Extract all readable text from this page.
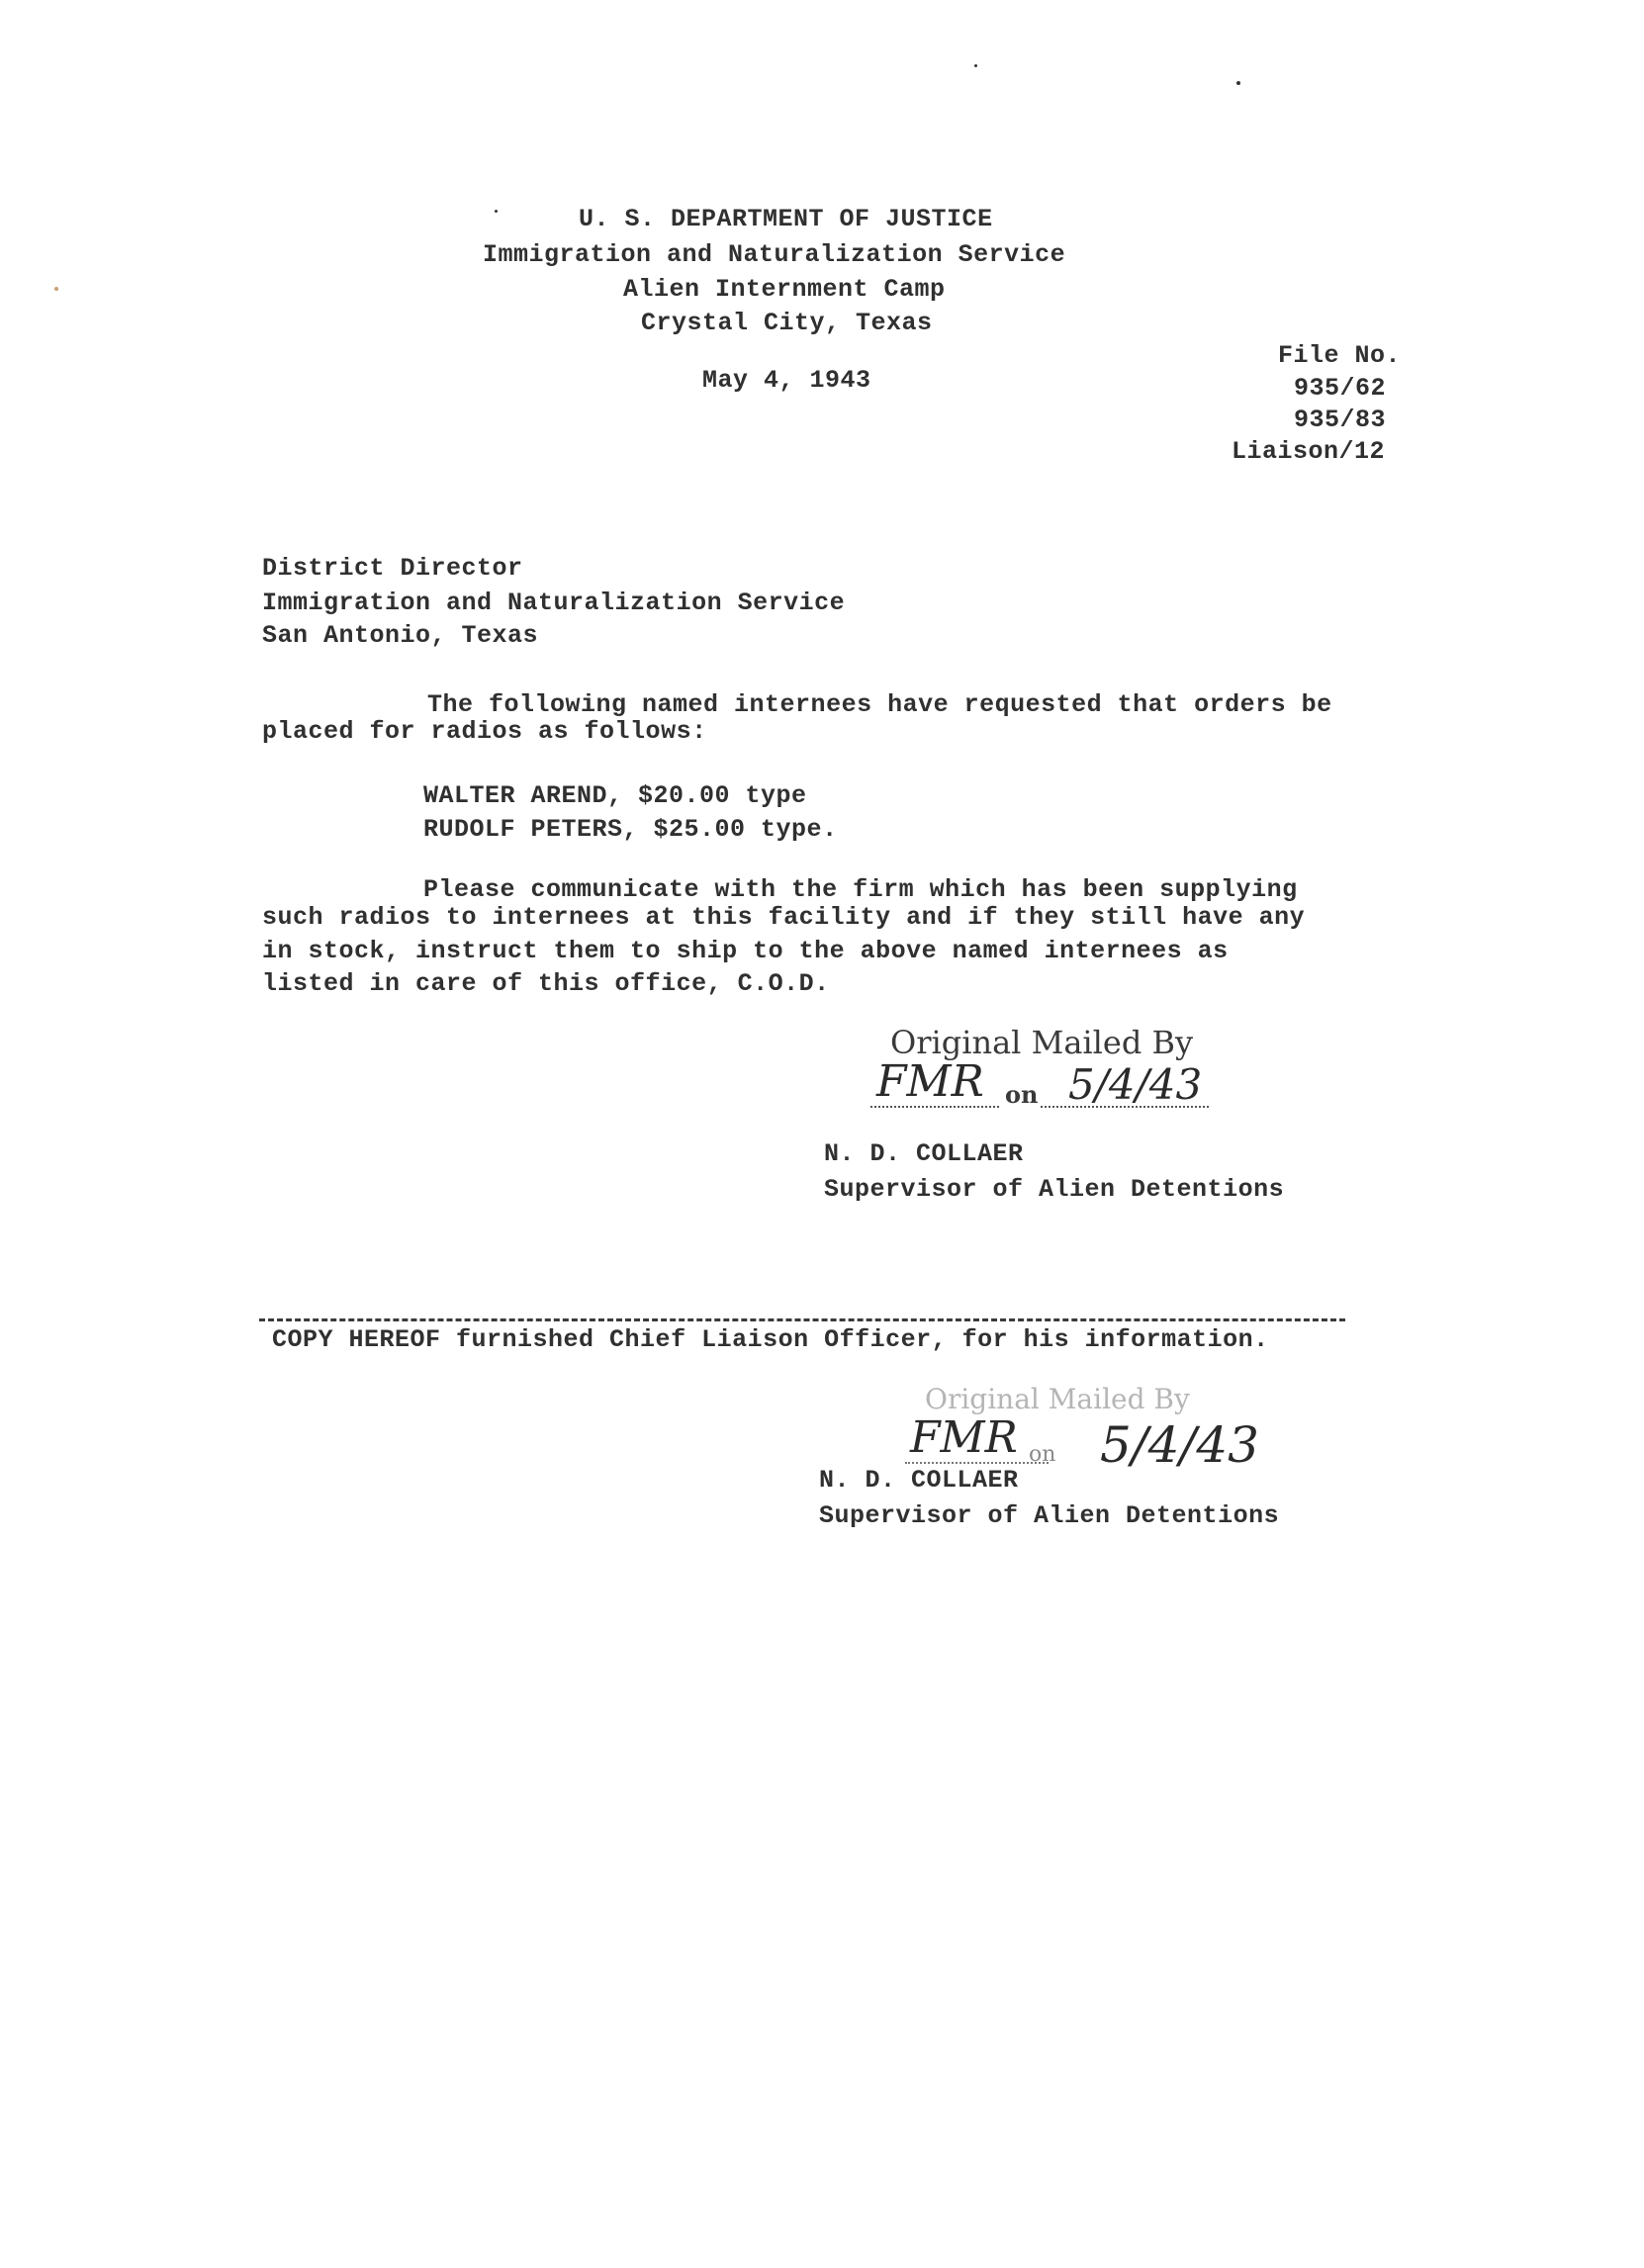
U. S. DEPARTMENT OF JUSTICE
Immigration and Naturalization Service
Alien Internment Camp
Crystal City, Texas
May 4, 1943
File No.
935/62
935/83
Liaison/12
District Director
Immigration and Naturalization Service
San Antonio, Texas
The following named internees have requested that orders be
placed for radios as follows:
WALTER AREND, $20.00 type
RUDOLF PETERS, $25.00 type.
Please communicate with the firm which has been supplying
such radios to internees at this facility and if they still have any
in stock, instruct them to ship to the above named internees as
listed in care of this office, C.O.D.
Original Mailed By
FMR on 5/4/43
N. D. COLLAER
Supervisor of Alien Detentions
COPY HEREOF furnished Chief Liaison Officer, for his information.
Original Mailed By
FMR on 5/4/43
N. D. COLLAER
Supervisor of Alien Detentions
